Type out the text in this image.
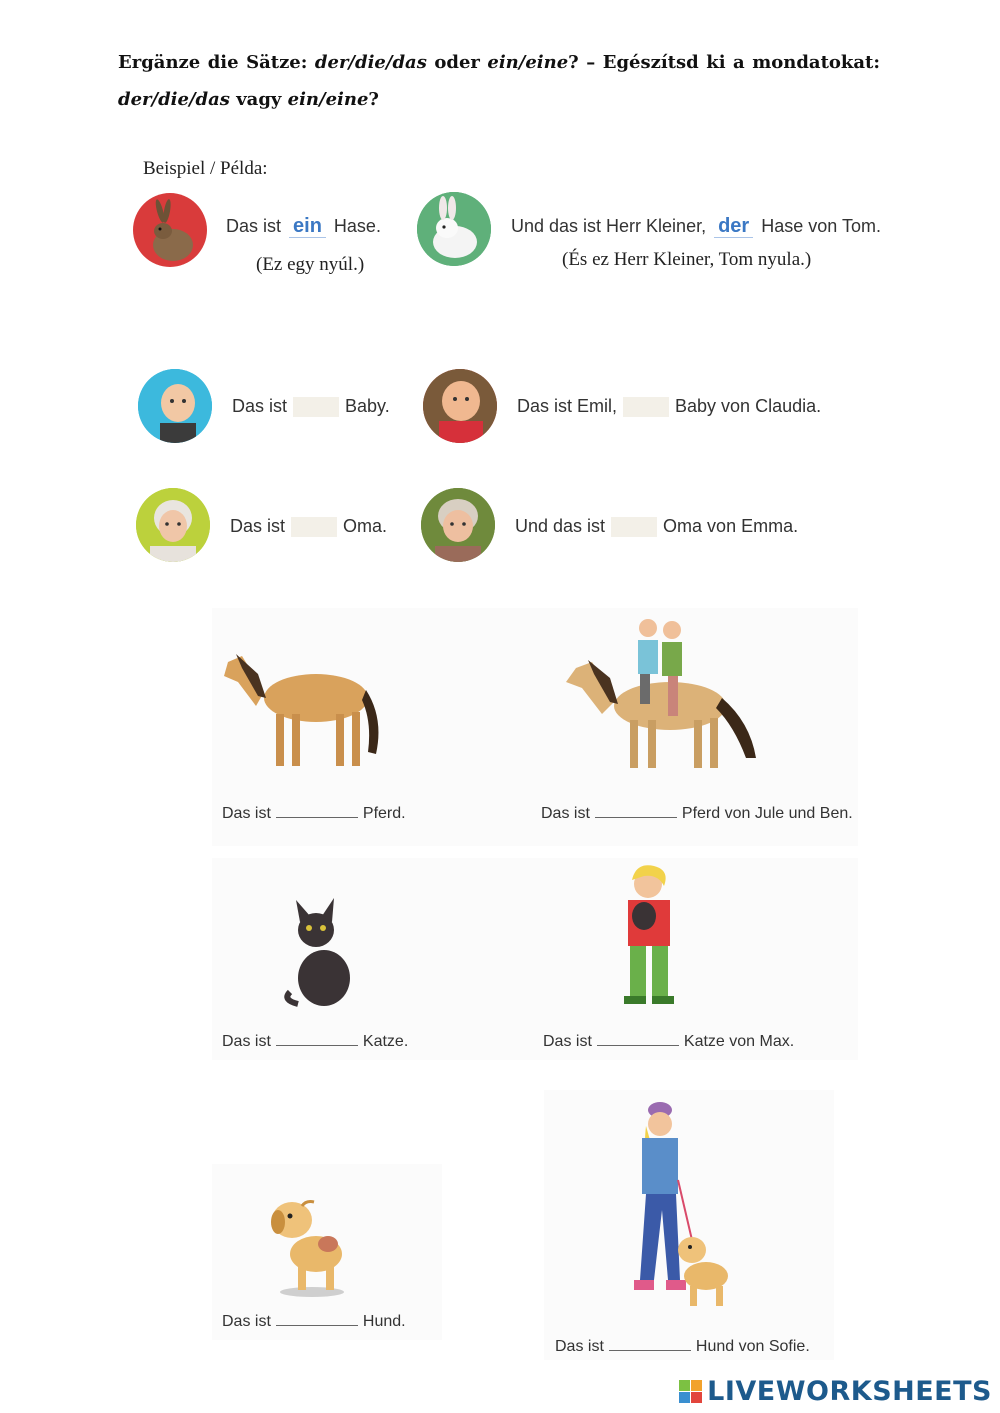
Ergänze die Sätze: der/die/das oder ein/eine? – Egészítsd ki a mondatokat: der/die/das vagy ein/eine?
Beispiel / Példa:
Das ist ein Hase.
(Ez egy nyúl.)
Und das ist Herr Kleiner, der Hase von Tom.
(És ez Herr Kleiner, Tom nyula.)
Das ist	Baby.	Das ist Emil,	Baby von Claudia.
Das ist	Oma.	Und das ist	Oma von Emma.
Das ist	Pferd.	Das ist	Pferd von Jule und Ben.
Das ist	Katze.	Das ist	Katze von Max.
Das ist	Hund.
Das ist	Hund von Sofie.
LIVEWORKSHEETS
